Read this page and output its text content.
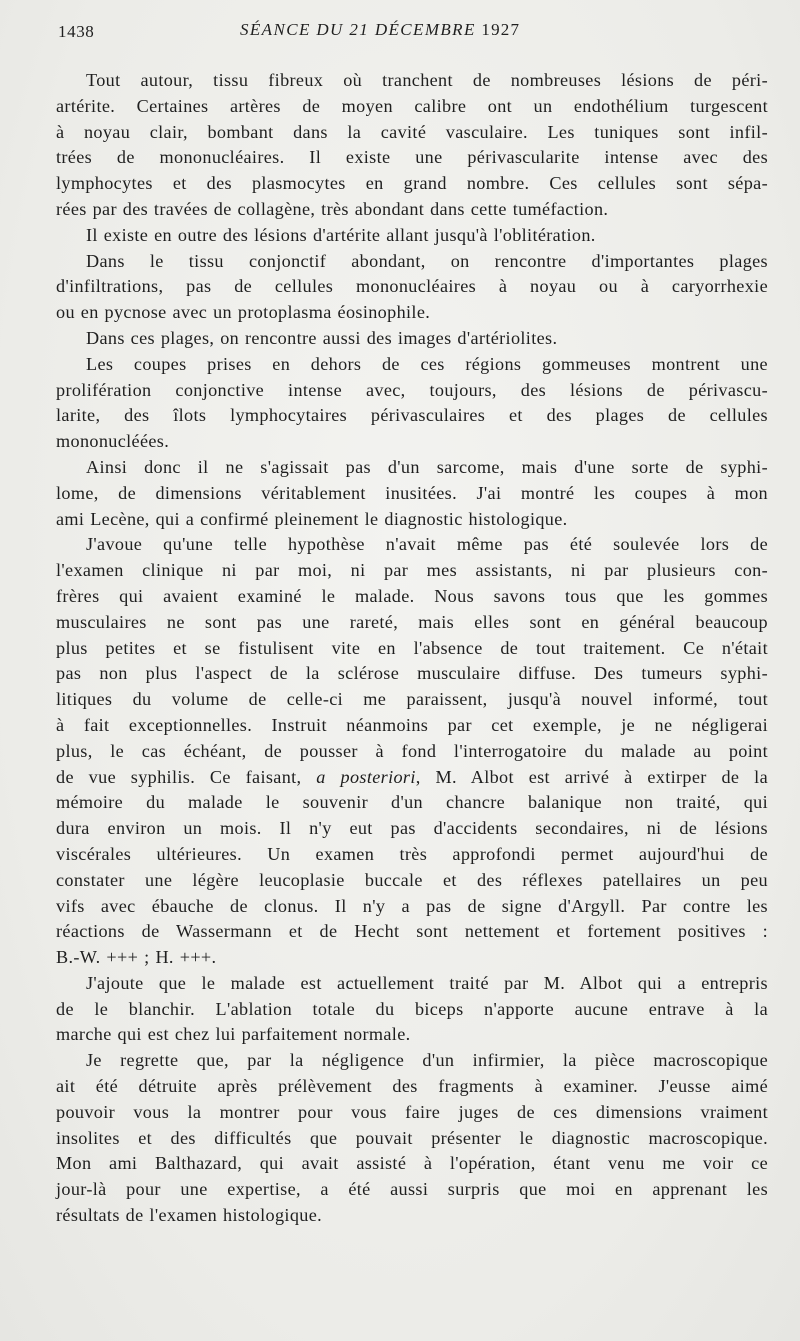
1438	SÉANCE DU 21 DÉCEMBRE 1927
Tout autour, tissu fibreux où tranchent de nombreuses lésions de péri-
artérite. Certaines artères de moyen calibre ont un endothélium turgescent
à noyau clair, bombant dans la cavité vasculaire. Les tuniques sont infil-
trées de mononucléaires. Il existe une périvascularite intense avec des
lymphocytes et des plasmocytes en grand nombre. Ces cellules sont sépa-
rées par des travées de collagène, très abondant dans cette tuméfaction.
Il existe en outre des lésions d'artérite allant jusqu'à l'oblitération.
Dans le tissu conjonctif abondant, on rencontre d'importantes plages
d'infiltrations, pas de cellules mononucléaires à noyau ou à caryorrhexie
ou en pycnose avec un protoplasma éosinophile.
Dans ces plages, on rencontre aussi des images d'artériolites.
Les coupes prises en dehors de ces régions gommeuses montrent une
prolifération conjonctive intense avec, toujours, des lésions de périvascu-
larite, des îlots lymphocytaires périvasculaires et des plages de cellules
mononucléées.
Ainsi donc il ne s'agissait pas d'un sarcome, mais d'une sorte de syphi-
lome, de dimensions véritablement inusitées. J'ai montré les coupes à mon
ami Lecène, qui a confirmé pleinement le diagnostic histologique.
J'avoue qu'une telle hypothèse n'avait même pas été soulevée lors de
l'examen clinique ni par moi, ni par mes assistants, ni par plusieurs con-
frères qui avaient examiné le malade. Nous savons tous que les gommes
musculaires ne sont pas une rareté, mais elles sont en général beaucoup
plus petites et se fistulisent vite en l'absence de tout traitement. Ce n'était
pas non plus l'aspect de la sclérose musculaire diffuse. Des tumeurs syphi-
litiques du volume de celle-ci me paraissent, jusqu'à nouvel informé, tout
à fait exceptionnelles. Instruit néanmoins par cet exemple, je ne négligerai
plus, le cas échéant, de pousser à fond l'interrogatoire du malade au point
de vue syphilis. Ce faisant, a posteriori, M. Albot est arrivé à extirper de la
mémoire du malade le souvenir d'un chancre balanique non traité, qui
dura environ un mois. Il n'y eut pas d'accidents secondaires, ni de lésions
viscérales ultérieures. Un examen très approfondi permet aujourd'hui de
constater une légère leucoplasie buccale et des réflexes patellaires un peu
vifs avec ébauche de clonus. Il n'y a pas de signe d'Argyll. Par contre les
réactions de Wassermann et de Hecht sont nettement et fortement positives :
B.-W. +++ ; H. +++.
J'ajoute que le malade est actuellement traité par M. Albot qui a entrepris
de le blanchir. L'ablation totale du biceps n'apporte aucune entrave à la
marche qui est chez lui parfaitement normale.
Je regrette que, par la négligence d'un infirmier, la pièce macroscopique
ait été détruite après prélèvement des fragments à examiner. J'eusse aimé
pouvoir vous la montrer pour vous faire juges de ces dimensions vraiment
insolites et des difficultés que pouvait présenter le diagnostic macroscopique.
Mon ami Balthazard, qui avait assisté à l'opération, étant venu me voir ce
jour-là pour une expertise, a été aussi surpris que moi en apprenant les
résultats de l'examen histologique.
